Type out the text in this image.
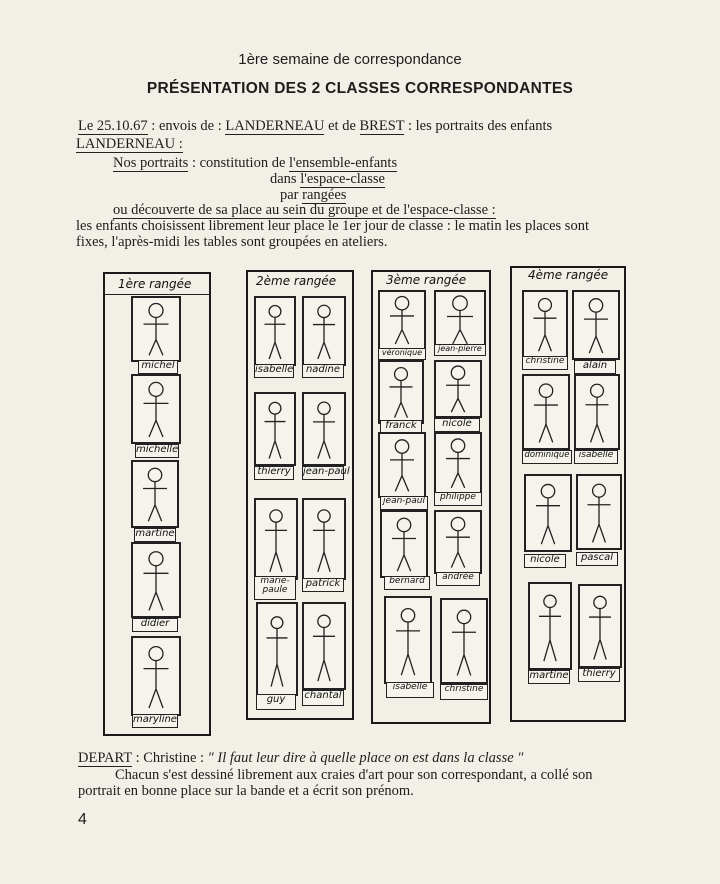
1ère semaine de correspondance
PRÉSENTATION DES 2 CLASSES CORRESPONDANTES
Le 25.10.67 : envois de : LANDERNEAU et de BREST : les portraits des enfants
LANDERNEAU :
Nos portraits : constitution de l'ensemble-enfants
dans l'espace-classe
par rangées
ou découverte de sa place au sein du groupe et de l'espace-classe :
les enfants choisissent librement leur place le 1er jour de classe : le matin les places sont
fixes, l'après-midi les tables sont groupées en ateliers.
1ère rangée
michel
michelle
martine
didier
maryline
2ème rangée
isabelle	nadine
thierry	jean-paul
marie-paule
patrick
guy	chantal
3ème rangée
véronique	jean-pierre
franck	nicole
jean-paul	philippe
bernard	andrée
isabelle	christine
4ème rangée
christine	alain
dominique	isabelle
nicole	pascal
martine	thierry
DEPART : Christine : " Il faut leur dire à quelle place on est dans la classe "
Chacun s'est dessiné librement aux craies d'art pour son correspondant, a collé son
portrait en bonne place sur la bande et a écrit son prénom.
4
